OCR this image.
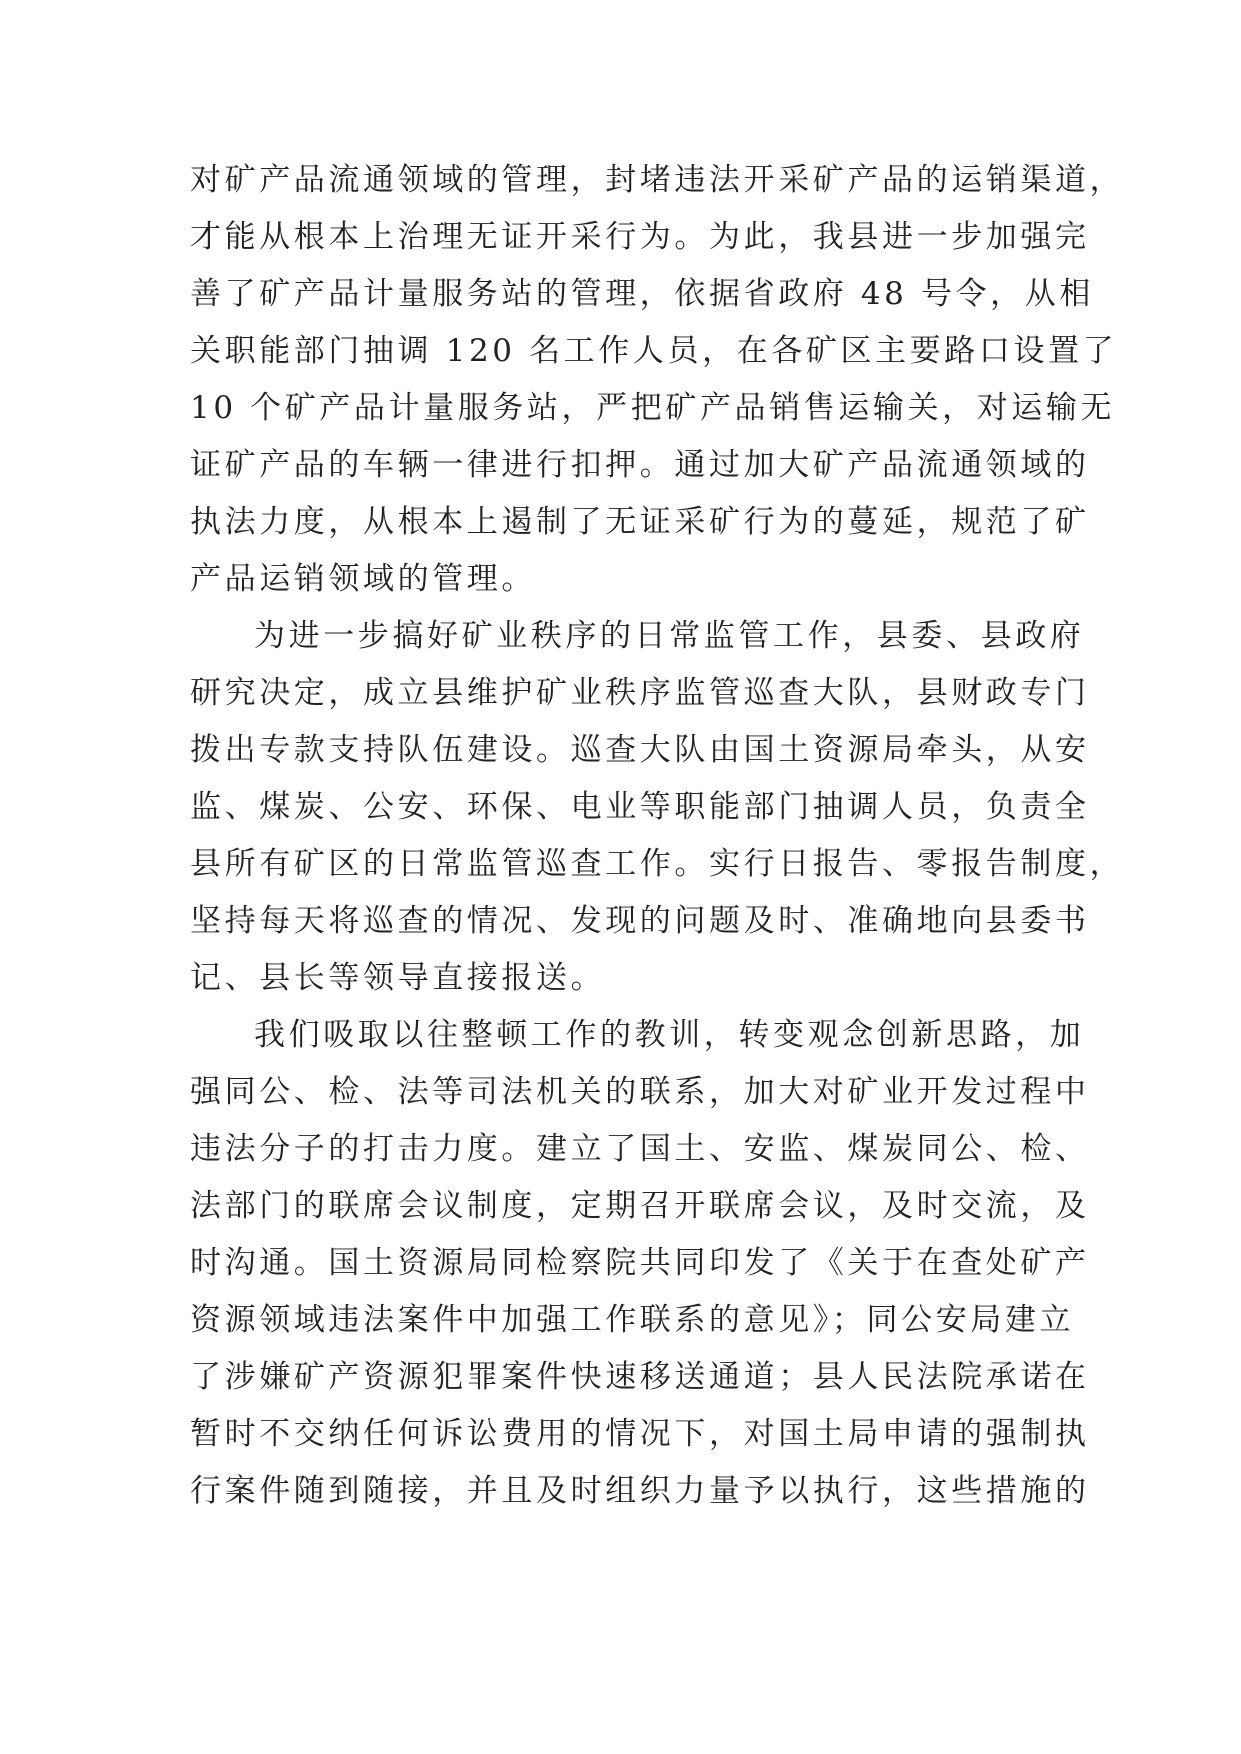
对矿产品流通领域的管理，封堵违法开采矿产品的运销渠道，
才能从根本上治理无证开采行为。为此，我县进一步加强完
善了矿产品计量服务站的管理，依据省政府 48 号令，从相
关职能部门抽调 120 名工作人员，在各矿区主要路口设置了
10 个矿产品计量服务站，严把矿产品销售运输关，对运输无
证矿产品的车辆一律进行扣押。通过加大矿产品流通领域的
执法力度，从根本上遏制了无证采矿行为的蔓延，规范了矿
产品运销领域的管理。
为进一步搞好矿业秩序的日常监管工作，县委、县政府
研究决定，成立县维护矿业秩序监管巡查大队，县财政专门
拨出专款支持队伍建设。巡查大队由国土资源局牵头，从安
监、煤炭、公安、环保、电业等职能部门抽调人员，负责全
县所有矿区的日常监管巡查工作。实行日报告、零报告制度，
坚持每天将巡查的情况、发现的问题及时、准确地向县委书
记、县长等领导直接报送。
我们吸取以往整顿工作的教训，转变观念创新思路，加
强同公、检、法等司法机关的联系，加大对矿业开发过程中
违法分子的打击力度。建立了国土、安监、煤炭同公、检、
法部门的联席会议制度，定期召开联席会议，及时交流，及
时沟通。国土资源局同检察院共同印发了《关于在查处矿产
资源领域违法案件中加强工作联系的意见》；同公安局建立
了涉嫌矿产资源犯罪案件快速移送通道；县人民法院承诺在
暂时不交纳任何诉讼费用的情况下，对国土局申请的强制执
行案件随到随接，并且及时组织力量予以执行，这些措施的
